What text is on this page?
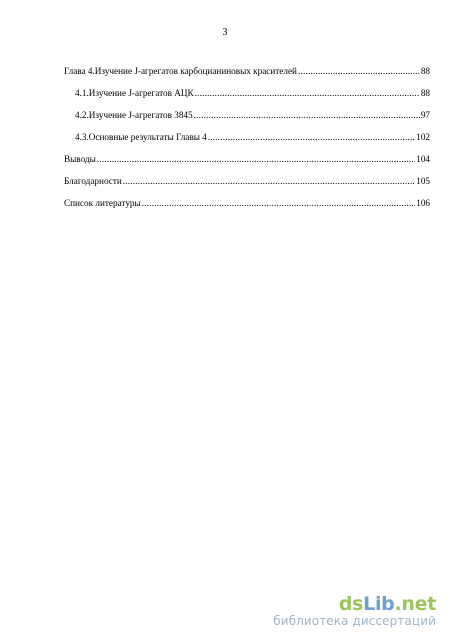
3
Глава 4. Изучение J-агрегатов карбоцианиновых красителей .....	88
4.1. Изучение J-агрегатов АЦК .....	88
4.2. Изучение J-агрегатов 3845 .....	97
4.3. Основные результаты Главы 4 .....	102
Выводы .....	104
Благодарности .....	105
Список литературы .....	106
dsLib.net
библиотека диссертаций
